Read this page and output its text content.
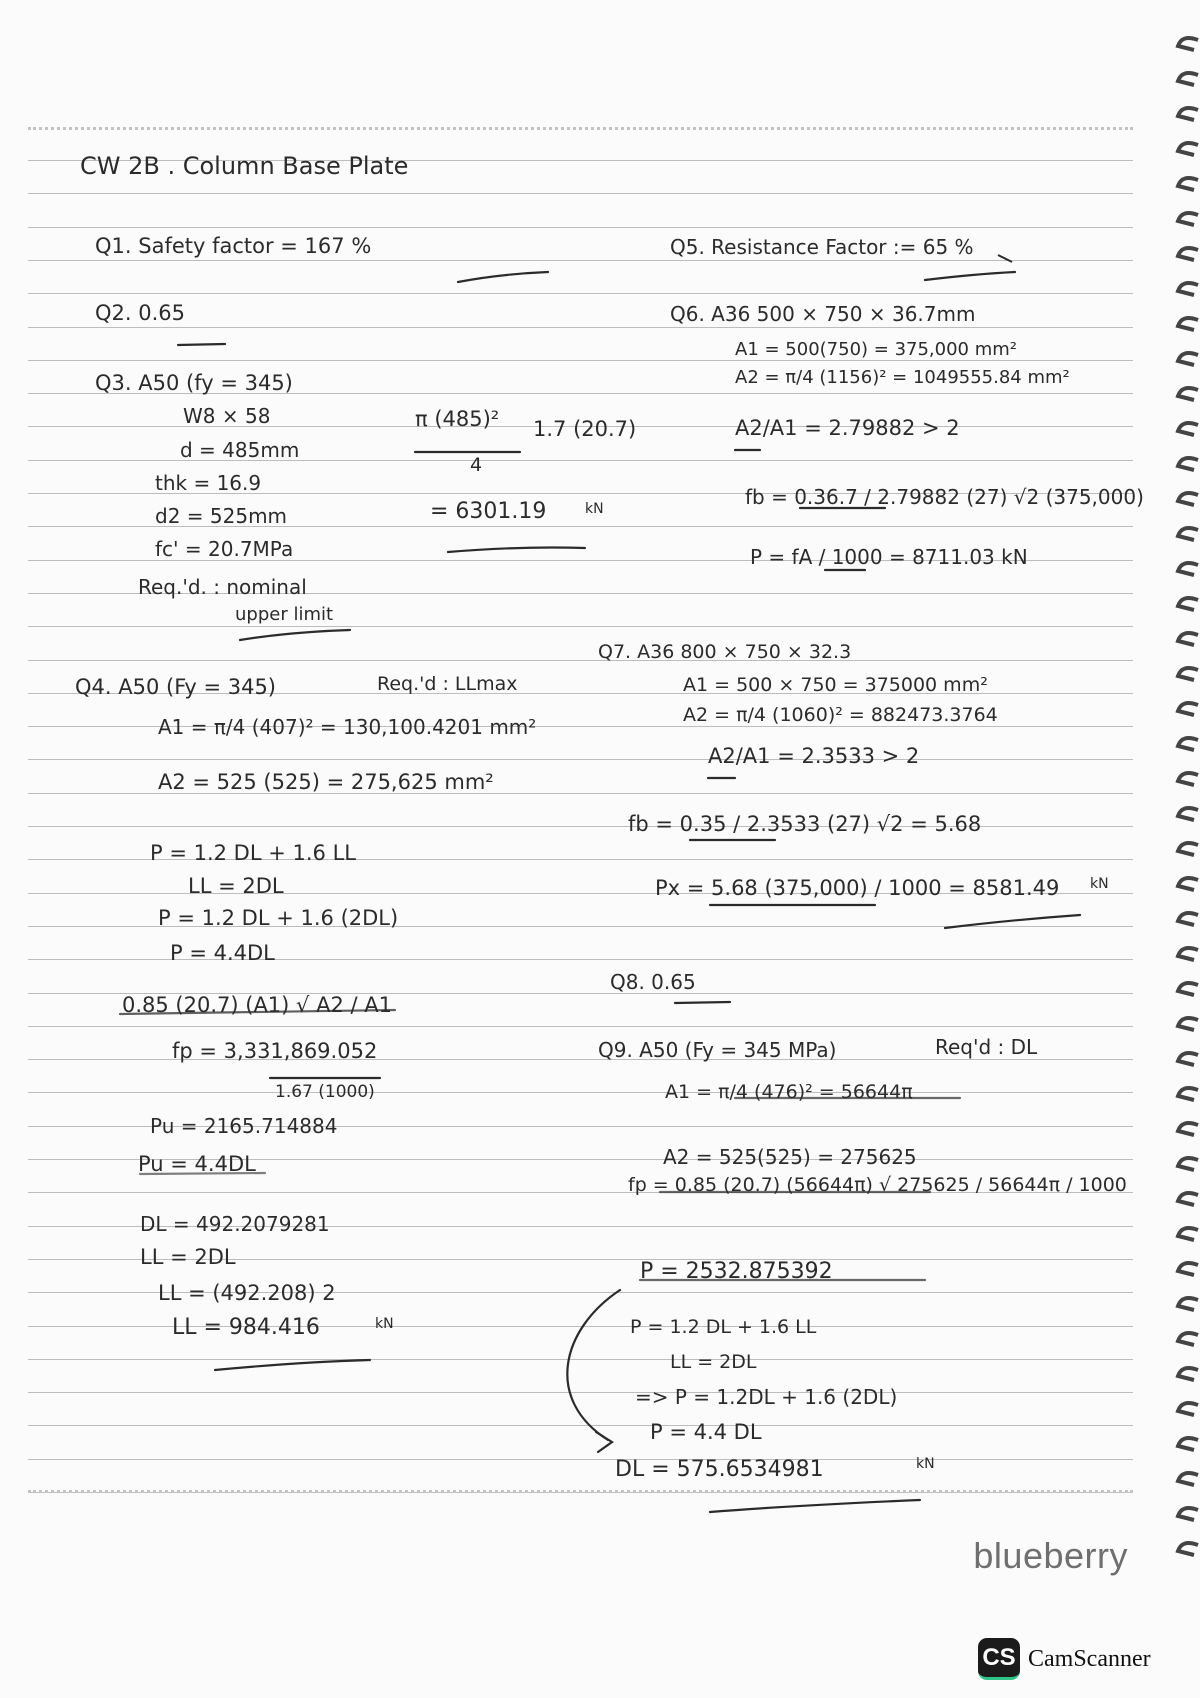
CW 2B . Column Base Plate
Q1. Safety factor = 167 %
Q2. 0.65
Q3. A50 (fy = 345)
W8 × 58
d = 485mm
thk = 16.9
d2 = 525mm
fc' = 20.7MPa
Req.'d. : nominal
upper limit
π (485)² 1.7 (20.7)
4
= 6301.19	kN
Q4. A50 (Fy = 345)	Req.'d : LLmax
A1 = π/4 (407)² = 130,100.4201 mm²
A2 = 525 (525) = 275,625 mm²
P = 1.2 DL + 1.6 LL
LL = 2DL
P = 1.2 DL + 1.6 (2DL)
P = 4.4DL
0.85 (20.7) (A1) √ A2 / A1
fp = 3,331,869.052
1.67 (1000)
Pu = 2165.714884
Pu = 4.4DL
DL = 492.2079281
LL = 2DL
LL = (492.208) 2
LL = 984.416	kN
Q5. Resistance Factor := 65 %
Q6. A36 500 × 750 × 36.7mm
A1 = 500(750) = 375,000 mm²
A2 = π/4 (1156)² = 1049555.84 mm²
A2/A1 = 2.79882 > 2
fb = 0.36.7 / 2.79882 (27) √2 (375,000)
P = fA / 1000 = 8711.03 kN
Q7. A36 800 × 750 × 32.3
A1 = 500 × 750 = 375000 mm²
A2 = π/4 (1060)² = 882473.3764
A2/A1 = 2.3533 > 2
fb = 0.35 / 2.3533 (27) √2 = 5.68
Px = 5.68 (375,000) / 1000 = 8581.49 kN
Q8. 0.65
Q9. A50 (Fy = 345 MPa)	Req'd : DL
A1 = π/4 (476)² = 56644π
A2 = 525(525) = 275625
fp = 0.85 (20.7) (56644π) √ 275625 / 56644π / 1000
P = 2532.875392
P = 1.2 DL + 1.6 LL
LL = 2DL
=> P = 1.2DL + 1.6 (2DL)
P = 4.4 DL
DL = 575.6534981	kN
blueberry
CS CamScanner
